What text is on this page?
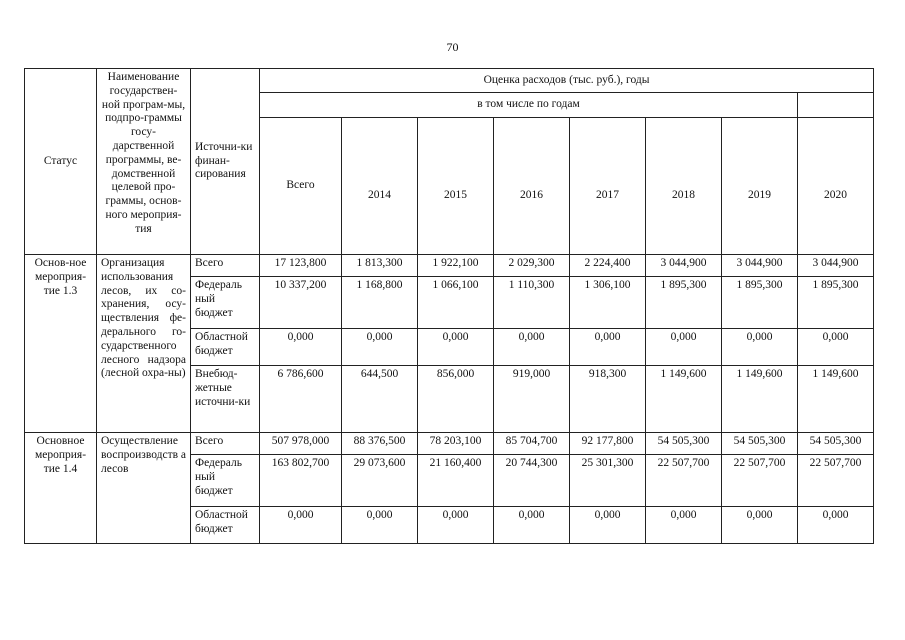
70
Статус	Наименование государствен-ной програм-мы, подпро-граммы госу-дарственной программы, ве-домственной целевой про-граммы, основ-ного мероприя-тия	Источни-ки финан-сирования	Оценка расходов (тыс. руб.), годы							
			в том числе по годам							
			Всего	2014	2015	2016	2017	2018	2019	2020
Основ-ное мероприя-тие 1.3	Организация использования лесов, их со-хранения, осу-ществления фе-дерального го-сударственного лесного надзора (лесной охра-ны)	Всего	17 123,800	1 813,300	1 922,100	2 029,300	2 224,400	3 044,900	3 044,900	3 044,900
		Федераль ный бюджет	10 337,200	1 168,800	1 066,100	1 110,300	1 306,100	1 895,300	1 895,300	1 895,300
		Областной бюджет	0,000	0,000	0,000	0,000	0,000	0,000	0,000	0,000
		Внебюд-жетные источни-ки	6 786,600	644,500	856,000	919,000	918,300	1 149,600	1 149,600	1 149,600
Основное мероприя-тие 1.4	Осуществление воспроизводств а лесов	Всего	507 978,000	88 376,500	78 203,100	85 704,700	92 177,800	54 505,300	54 505,300	54 505,300
		Федераль ный бюджет	163 802,700	29 073,600	21 160,400	20 744,300	25 301,300	22 507,700	22 507,700	22 507,700
		Областной бюджет	0,000	0,000	0,000	0,000	0,000	0,000	0,000	0,000
